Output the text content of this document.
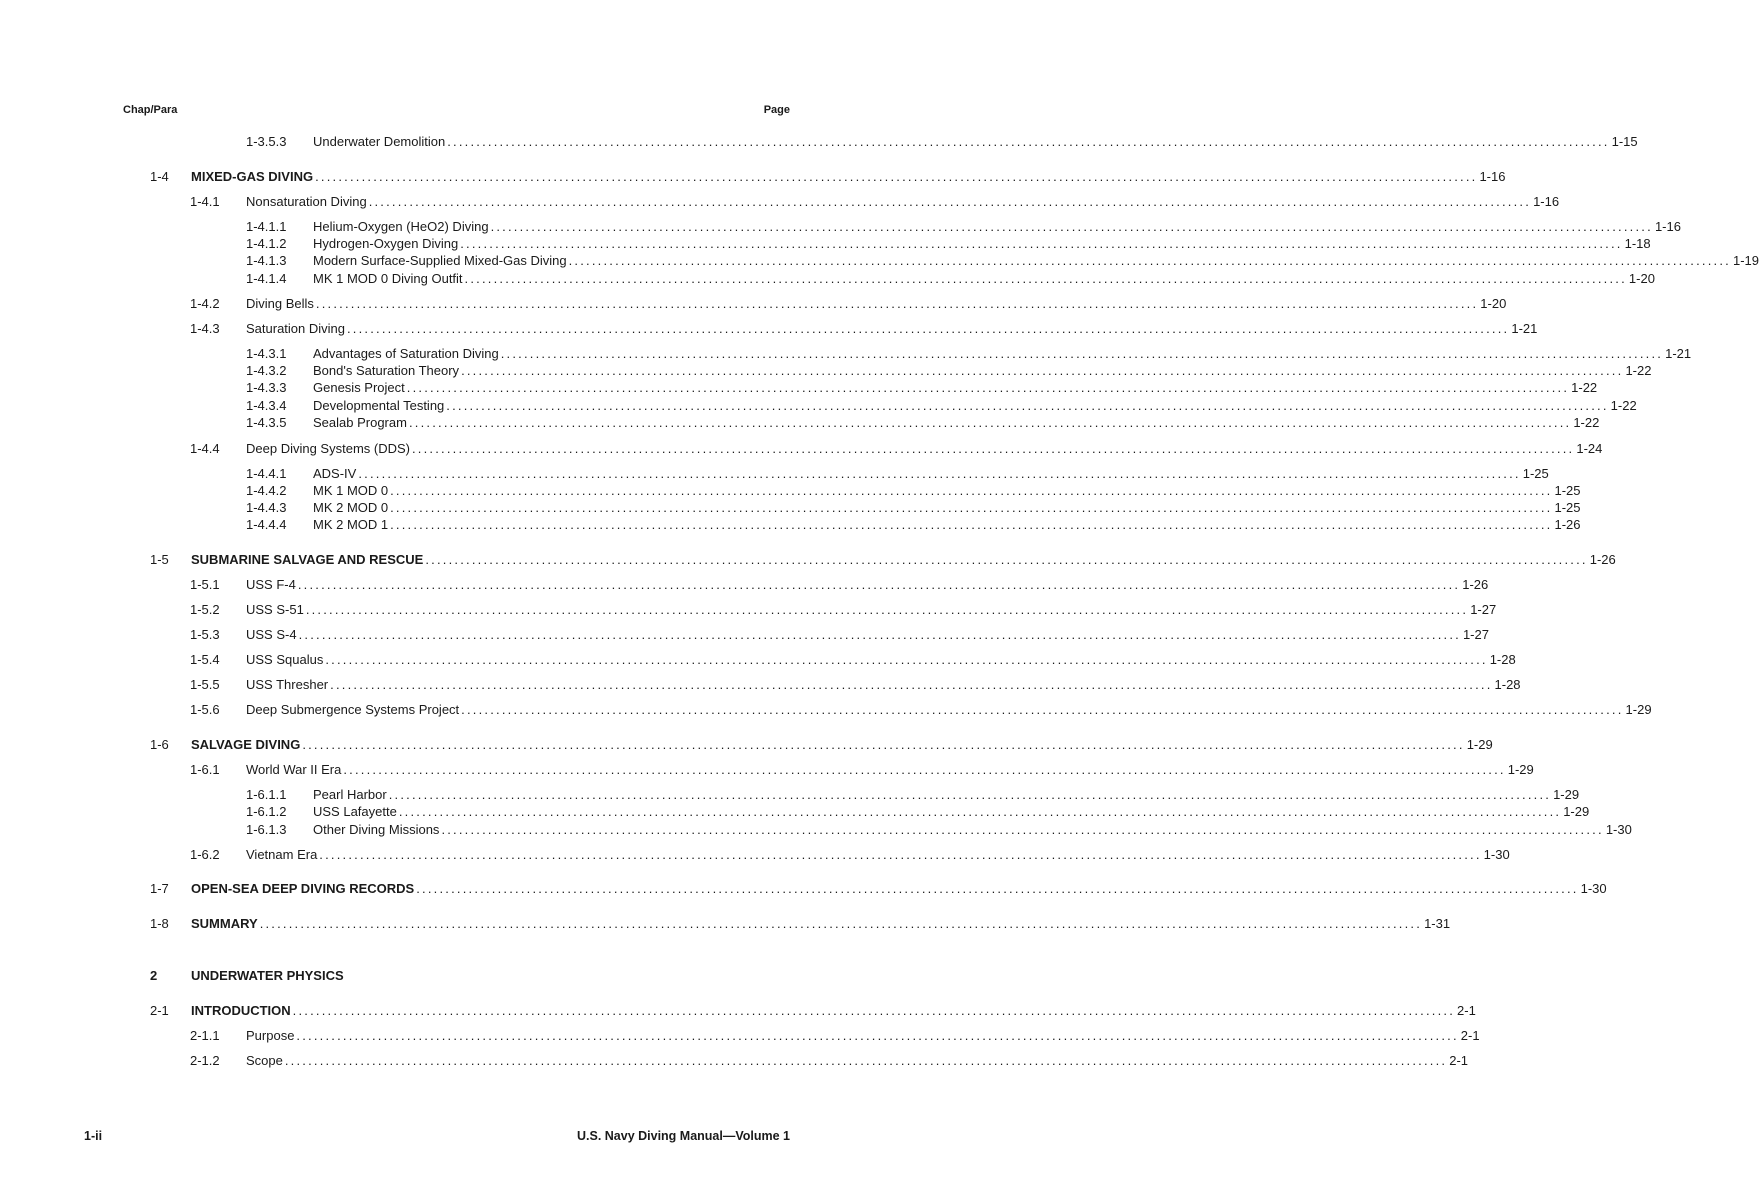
Chap/Para	Page
1-3.5.3	Underwater Demolition ........................................................................................................................................................................................................ 1-15
1-4	MIXED-GAS DIVING ........................................................................................................................................................................................................ 1-16
1-4.1	Nonsaturation Diving ........................................................................................................................................................................................................ 1-16
1-4.1.1	Helium-Oxygen (HeO2) Diving ........................................................................................................................................................................................................ 1-16
1-4.1.2	Hydrogen-Oxygen Diving ........................................................................................................................................................................................................ 1-18
1-4.1.3	Modern Surface-Supplied Mixed-Gas Diving ........................................................................................................................................................................................................ 1-19
1-4.1.4	MK 1 MOD 0 Diving Outfit ........................................................................................................................................................................................................ 1-20
1-4.2	Diving Bells ........................................................................................................................................................................................................ 1-20
1-4.3	Saturation Diving ........................................................................................................................................................................................................ 1-21
1-4.3.1	Advantages of Saturation Diving ........................................................................................................................................................................................................ 1-21
1-4.3.2	Bond's Saturation Theory ........................................................................................................................................................................................................ 1-22
1-4.3.3	Genesis Project ........................................................................................................................................................................................................ 1-22
1-4.3.4	Developmental Testing ........................................................................................................................................................................................................ 1-22
1-4.3.5	Sealab Program ........................................................................................................................................................................................................ 1-22
1-4.4	Deep Diving Systems (DDS) ........................................................................................................................................................................................................ 1-24
1-4.4.1	ADS-IV ........................................................................................................................................................................................................ 1-25
1-4.4.2	MK 1 MOD 0 ........................................................................................................................................................................................................ 1-25
1-4.4.3	MK 2 MOD 0 ........................................................................................................................................................................................................ 1-25
1-4.4.4	MK 2 MOD 1 ........................................................................................................................................................................................................ 1-26
1-5	SUBMARINE SALVAGE AND RESCUE ........................................................................................................................................................................................................ 1-26
1-5.1	USS F-4 ........................................................................................................................................................................................................ 1-26
1-5.2	USS S-51 ........................................................................................................................................................................................................ 1-27
1-5.3	USS S-4 ........................................................................................................................................................................................................ 1-27
1-5.4	USS Squalus ........................................................................................................................................................................................................ 1-28
1-5.5	USS Thresher ........................................................................................................................................................................................................ 1-28
1-5.6	Deep Submergence Systems Project ........................................................................................................................................................................................................ 1-29
1-6	SALVAGE DIVING ........................................................................................................................................................................................................ 1-29
1-6.1	World War II Era ........................................................................................................................................................................................................ 1-29
1-6.1.1	Pearl Harbor ........................................................................................................................................................................................................ 1-29
1-6.1.2	USS Lafayette ........................................................................................................................................................................................................ 1-29
1-6.1.3	Other Diving Missions ........................................................................................................................................................................................................ 1-30
1-6.2	Vietnam Era ........................................................................................................................................................................................................ 1-30
1-7	OPEN-SEA DEEP DIVING RECORDS ........................................................................................................................................................................................................ 1-30
1-8	SUMMARY ........................................................................................................................................................................................................ 1-31
2	UNDERWATER PHYSICS
2-1	INTRODUCTION ........................................................................................................................................................................................................ 2-1
2-1.1	Purpose ........................................................................................................................................................................................................ 2-1
2-1.2	Scope ........................................................................................................................................................................................................ 2-1
1-ii	U.S. Navy Diving Manual—Volume 1
